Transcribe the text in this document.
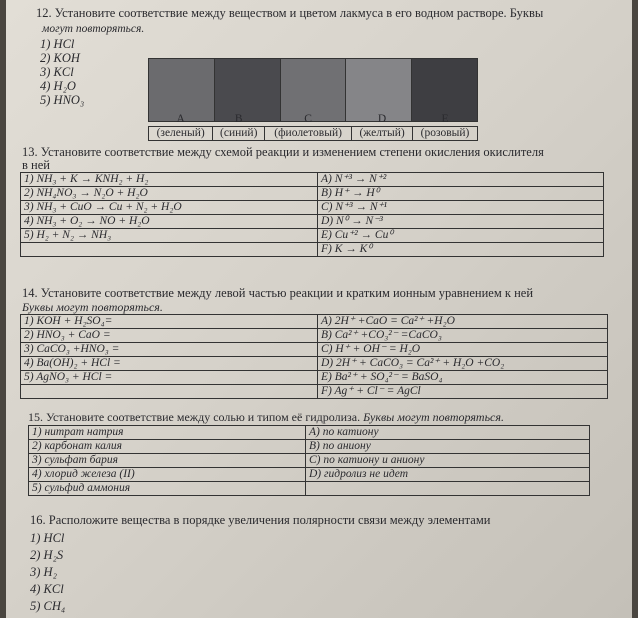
12. Установите соответствие между веществом и цветом лакмуса в его водном растворе. Буквы
могут повторяться.
1) HCl
2) KOH
3) KCl
4) H₂O
5) HNO₃

A	B	C	D	E
(зеленый)	(синий)	(фиолетовый)	(желтый)	(розовый)
13. Установите соответствие между схемой реакции и изменением степени окисления окислителя
в ней
1) NH₃ + K → KNH₂ + H₂	A) N⁺³ → N⁺²
2) NH₄NO₃ → N₂O + H₂O	B) H⁺ → H⁰
3) NH₃ + CuO → Cu + N₂ + H₂O	C) N⁺³ → N⁺¹
4) NH₃ + O₂ → NO + H₂O	D) N⁰ → N⁻³
5) H₂ + N₂ → NH₃	E) Cu⁺² → Cu⁰
	F) K → K⁰
14. Установите соответствие между левой частью реакции и кратким ионным уравнением к ней
Буквы могут повторяться.
1) KOH + H₂SO₄=	A) 2H⁺ +CaO = Ca²⁺ +H₂O
2) HNO₃ + CaO =	B) Ca²⁺ +CO₃²⁻ =CaCO₃
3) CaCO₃ +HNO₃ =	C) H⁺ + OH⁻ = H₂O
4) Ba(OH)₂ + HCl =	D) 2H⁺ + CaCO₃ = Ca²⁺ + H₂O +CO₂
5) AgNO₃ + HCl =	E) Ba²⁺ + SO₄²⁻ = BaSO₄
	F) Ag⁺ + Cl⁻ = AgCl
15. Установите соответствие между солью и типом её гидролиза. Буквы могут повторяться.
1) нитрат натрия	A) по катиону
2) карбонат калия	B) по аниону
3) сульфат бария	C) по катиону и аниону
4) хлорид железа (II)	D) гидролиз не идет
5) сульфид аммония	
16. Расположите вещества в порядке увеличения полярности связи между элементами
1) HCl
2) H₂S
3) H₂
4) KCl
5) CH₄
